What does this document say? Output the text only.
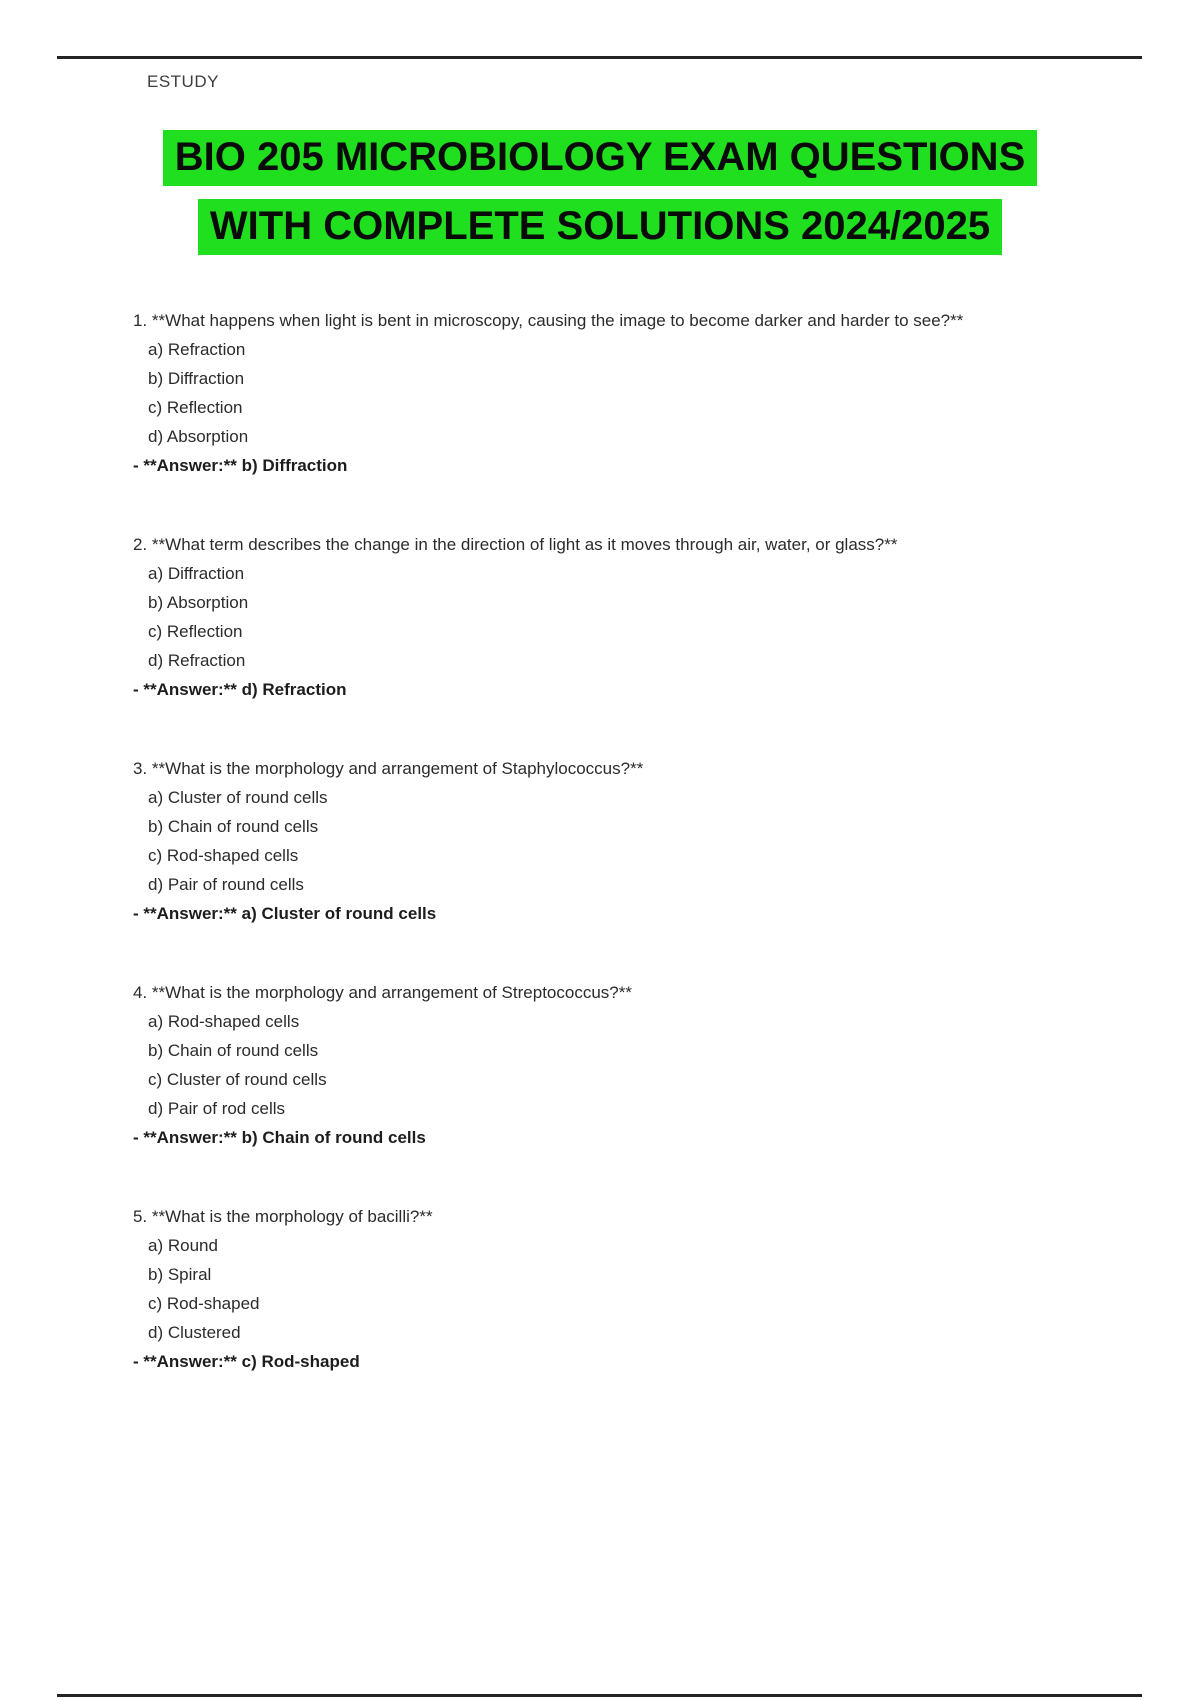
ESTUDY
BIO 205 MICROBIOLOGY EXAM QUESTIONS
WITH COMPLETE SOLUTIONS 2024/2025
1. **What happens when light is bent in microscopy, causing the image to become darker and harder to see?**
a) Refraction
b) Diffraction
c) Reflection
d) Absorption
- **Answer:** b) Diffraction
2. **What term describes the change in the direction of light as it moves through air, water, or glass?**
a) Diffraction
b) Absorption
c) Reflection
d) Refraction
- **Answer:** d) Refraction
3. **What is the morphology and arrangement of Staphylococcus?**
a) Cluster of round cells
b) Chain of round cells
c) Rod-shaped cells
d) Pair of round cells
- **Answer:** a) Cluster of round cells
4. **What is the morphology and arrangement of Streptococcus?**
a) Rod-shaped cells
b) Chain of round cells
c) Cluster of round cells
d) Pair of rod cells
- **Answer:** b) Chain of round cells
5. **What is the morphology of bacilli?**
a) Round
b) Spiral
c) Rod-shaped
d) Clustered
- **Answer:** c) Rod-shaped
